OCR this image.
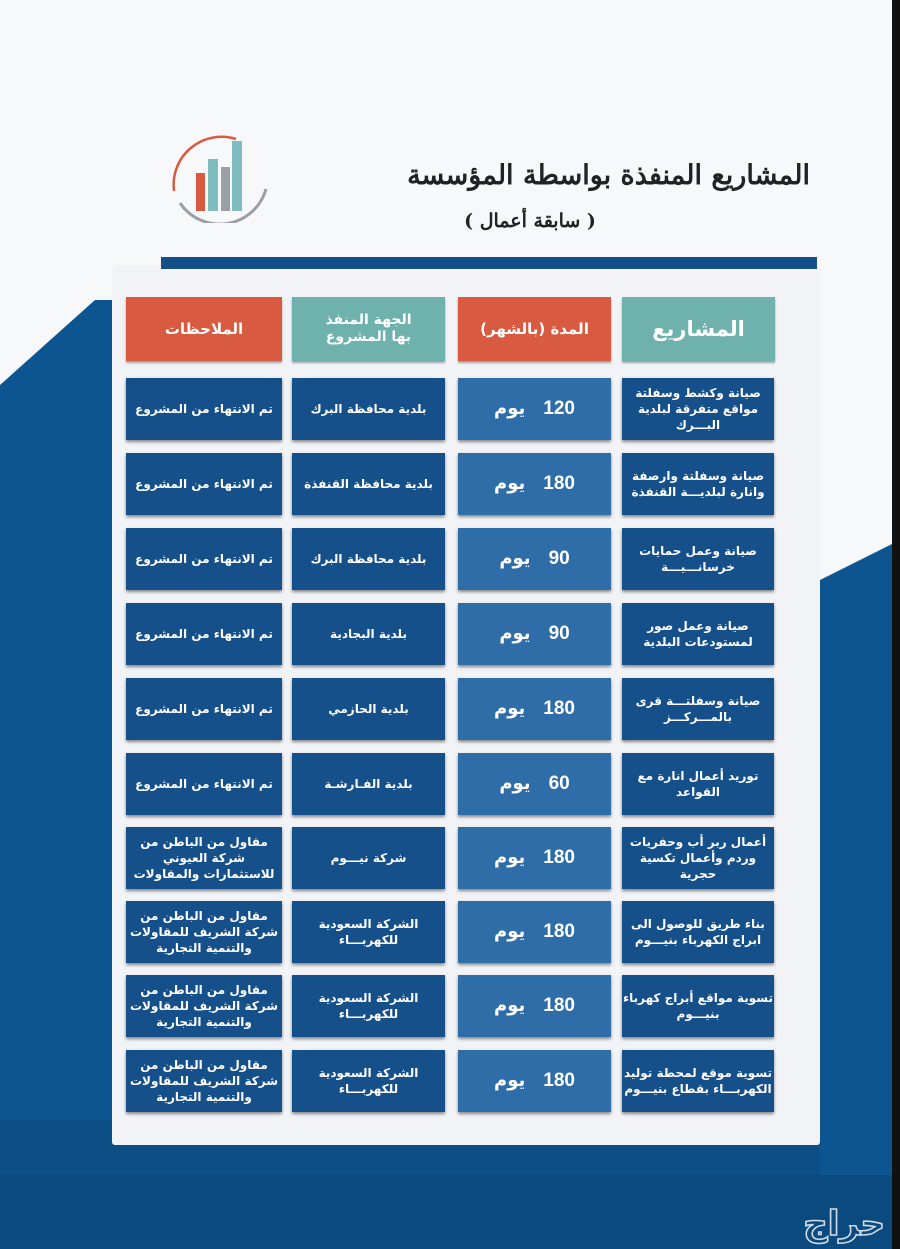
المشاريع المنفذة بواسطة المؤسسة
( سابقة أعمال )
المشاريع
المدة (بالشهر)
الجهة المنفذ بها المشروع
الملاحظات
صيانة وكشط وسفلتة مواقع متفرقة لبلدية البـــرك
120
يوم
بلدية محافظة البرك
تم الانتهاء من المشروع
صيانة وسفلتة وارصفة وانارة لبلديـــة القنفذة
180
يوم
بلدية محافظة القنفذة
تم الانتهاء من المشروع
صيانة وعمل حمايات خرسانـــيـــة
90
يوم
بلدية محافظة البرك
تم الانتهاء من المشروع
صيانة وعمل صور لمستودعات البلدية
90
يوم
بلدية البجادية
تم الانتهاء من المشروع
صيانة وسفلتـــة قرى بالمـــركـــز
180
يوم
بلدية الحازمي
تم الانتهاء من المشروع
توريد أعمال انارة مع القواعد
60
يوم
بلدية الفـارشـة
تم الانتهاء من المشروع
أعمال ربر أب وحفريات وردم وأعمال تكسية حجرية
180
يوم
شركة نيـــوم
مقاول من الباطن من شركة العيوني للاستثمارات والمقاولات
بناء طريق للوصول الى ابراج الكهرباء بنيـــوم
180
يوم
الشركة السعودية للكهربـــاء
مقاول من الباطن من شركة الشريف للمقاولات والتنمية التجارية
تسوية مواقع أبراج كهرباء بنيـــوم
180
يوم
الشركة السعودية للكهربـــاء
مقاول من الباطن من شركة الشريف للمقاولات والتنمية التجارية
تسوية موقع لمحطة توليد الكهربـــاء بقطاع بنيـــوم
180
يوم
الشركة السعودية للكهربـــاء
مقاول من الباطن من شركة الشريف للمقاولات والتنمية التجارية
حراج
